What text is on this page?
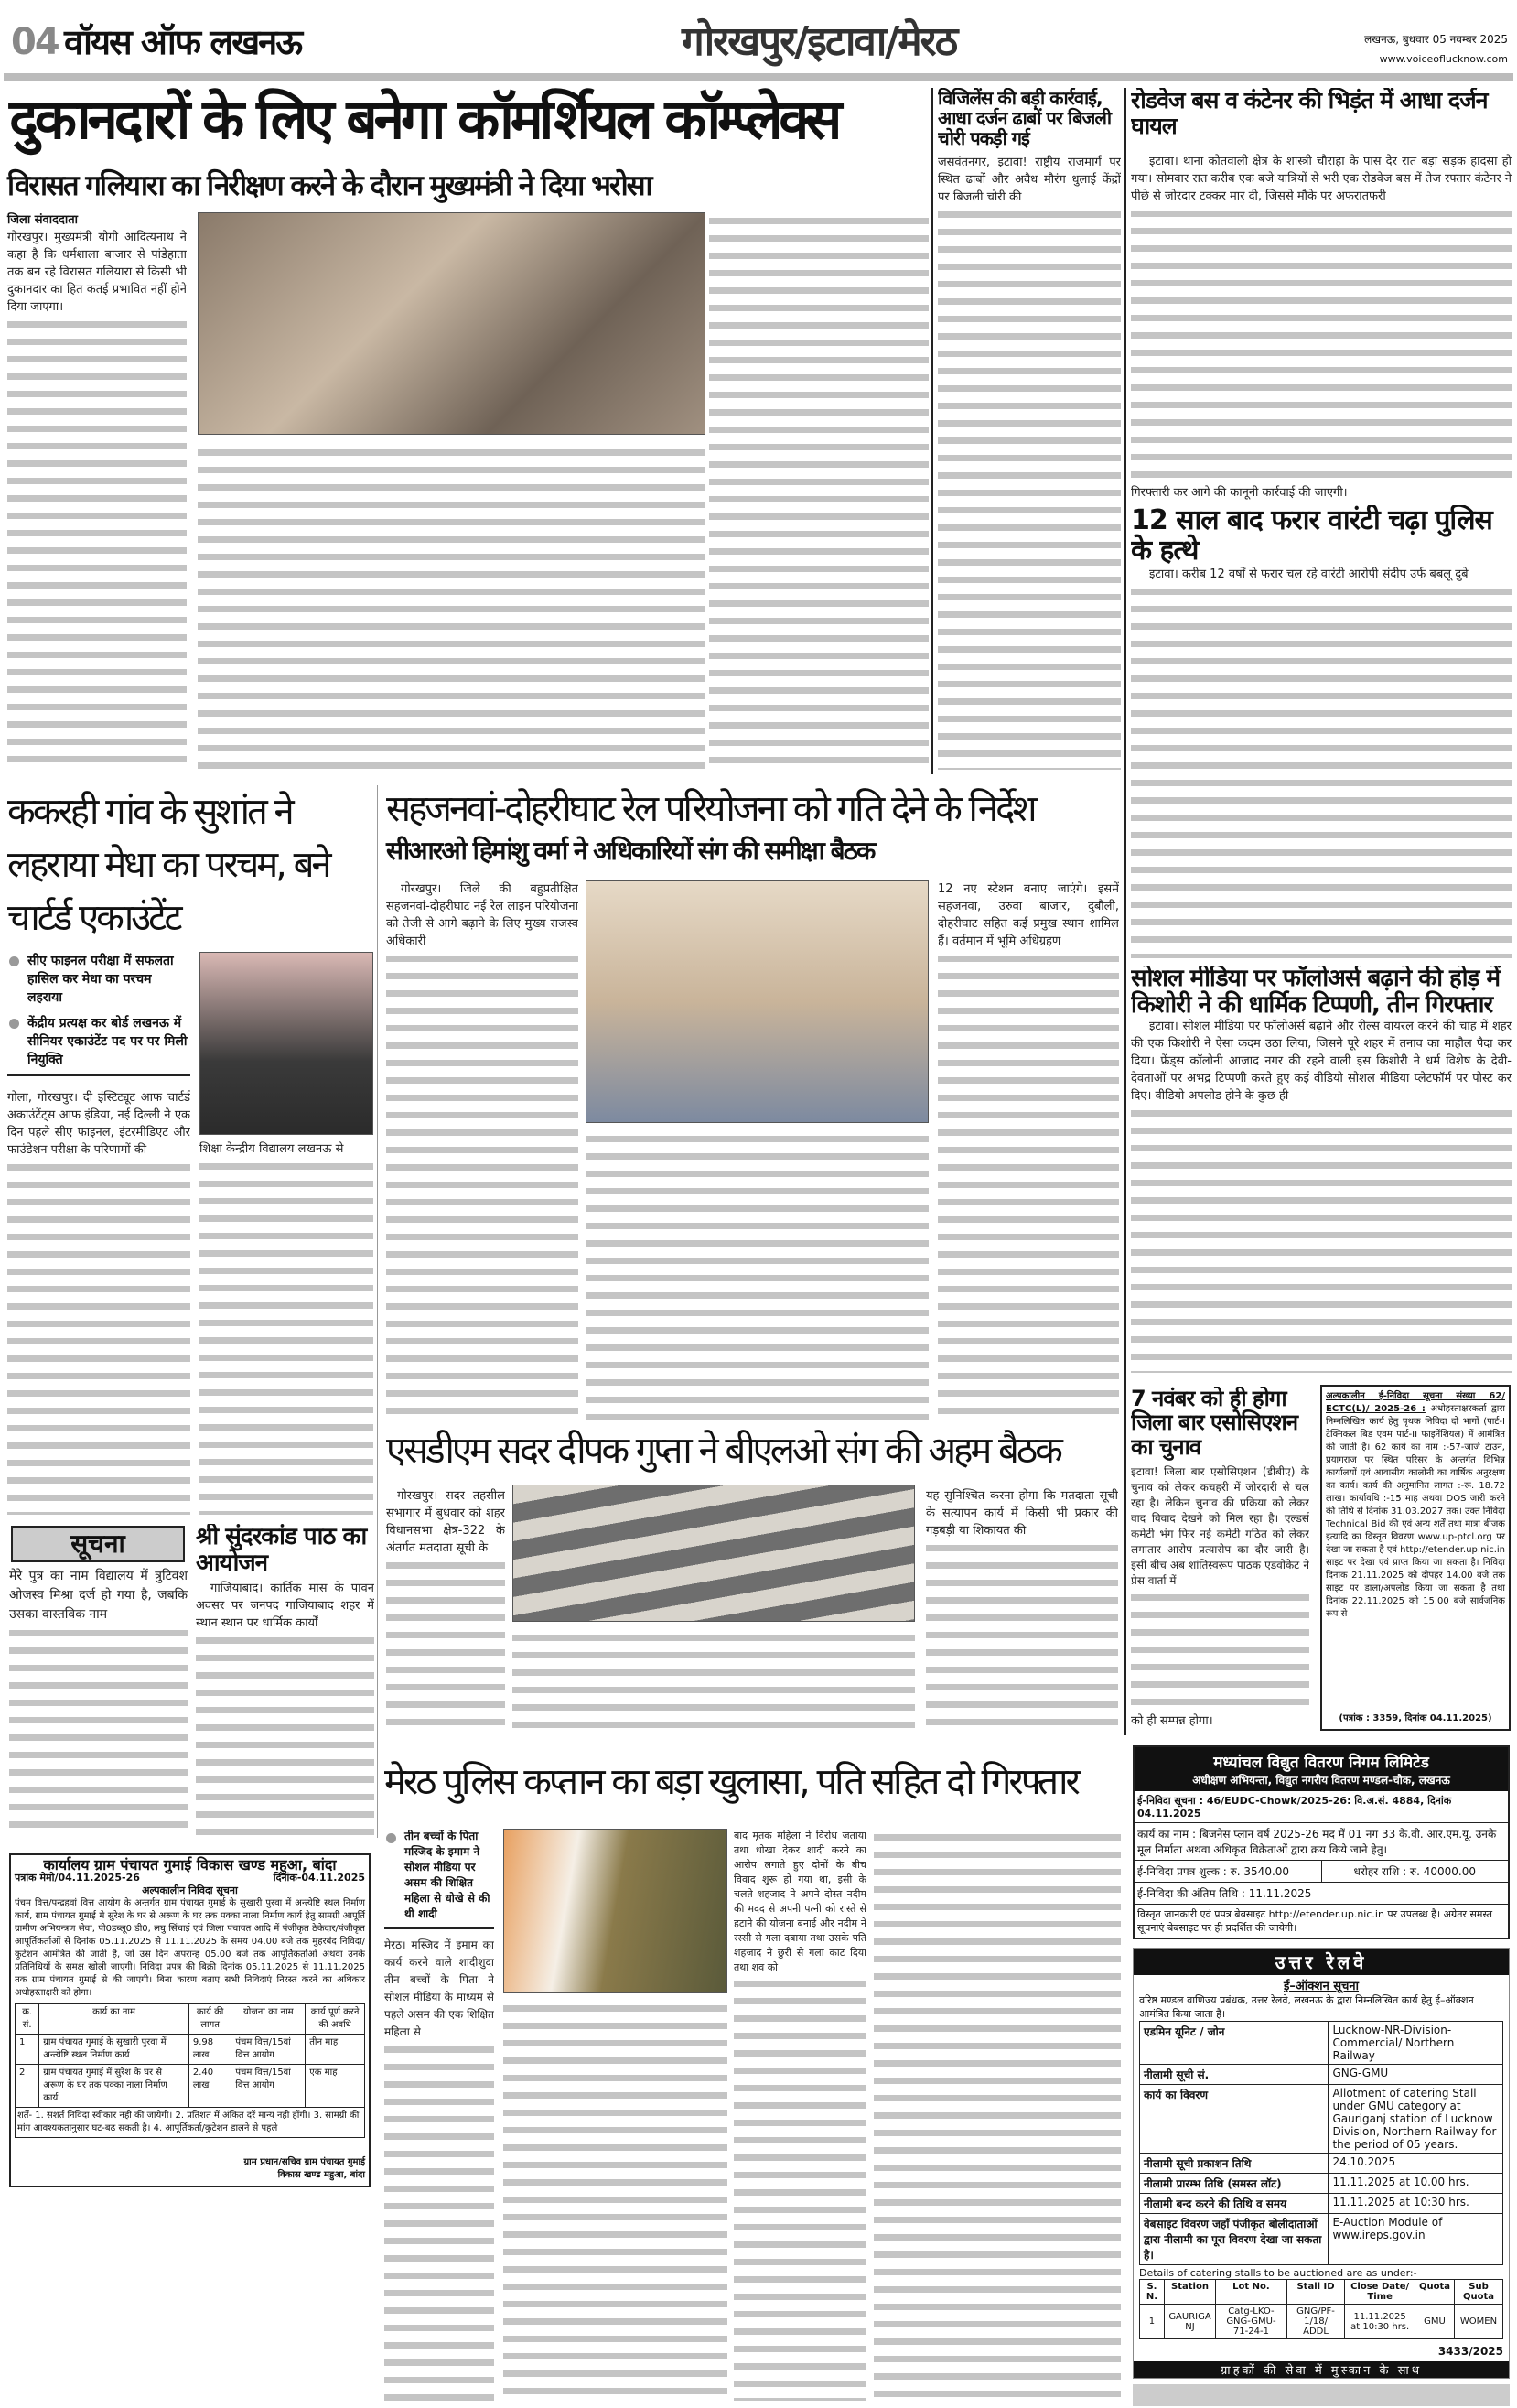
04 वॉयस ऑफ लखनऊ	गोरखपुर/इटावा/मेरठ	लखनऊ, बुधवार 05 नवम्बर 2025
www.voiceoflucknow.com
दुकानदारों के लिए बनेगा कॉमर्शियल कॉम्प्लेक्स
विरासत गलियारा का निरीक्षण करने के दौरान मुख्यमंत्री ने दिया भरोसा
जिला संवाददाता

गोरखपुर। मुख्यमंत्री योगी आदित्यनाथ ने कहा है कि धर्मशाला बाजार से पांडेहाता तक बन रहे विरासत गलियारा से किसी भी दुकानदार का हित कतई प्रभावित नहीं होने दिया जाएगा।

विजिलेंस की बड़ी कार्रवाई, आधा दर्जन ढाबों पर बिजली चोरी पकड़ी गई

जसवंतनगर, इटावा! राष्ट्रीय राजमार्ग पर स्थित ढाबों और अवैध मौरंग धुलाई केंद्रों पर बिजली चोरी की

रोडवेज बस व कंटेनर की भिड़ंत में आधा दर्जन घायल

इटावा। थाना कोतवाली क्षेत्र के शास्त्री चौराहा के पास देर रात बड़ा सड़क हादसा हो गया। सोमवार रात करीब एक बजे यात्रियों से भरी एक रोडवेज बस में तेज रफ्तार कंटेनर ने पीछे से जोरदार टक्कर मार दी, जिससे मौके पर अफरातफरी

गिरफ्तारी कर आगे की कानूनी कार्रवाई की जाएगी।

12 साल बाद फरार वारंटी चढ़ा पुलिस के हत्थे

इटावा। करीब 12 वर्षों से फरार चल रहे वारंटी आरोपी संदीप उर्फ बबलू दुबे

सोशल मीडिया पर फॉलोअर्स बढ़ाने की होड़ में
किशोरी ने की धार्मिक टिप्पणी, तीन गिरफ्तार

इटावा। सोशल मीडिया पर फॉलोअर्स बढ़ाने और रील्स वायरल करने की चाह में शहर की एक किशोरी ने ऐसा कदम उठा लिया, जिसने पूरे शहर में तनाव का माहौल पैदा कर दिया। फ्रेंड्स कॉलोनी आजाद नगर की रहने वाली इस किशोरी ने धर्म विशेष के देवी-देवताओं पर अभद्र टिप्पणी करते हुए कई वीडियो सोशल मीडिया प्लेटफॉर्म पर पोस्ट कर दिए। वीडियो अपलोड होने के कुछ ही

7 नवंबर को ही होगा जिला बार एसोसिएशन का चुनाव

इटावा! जिला बार एसोसिएशन (डीबीए) के चुनाव को लेकर कचहरी में जोरदारी से चल रहा है। लेकिन चुनाव की प्रक्रिया को लेकर वाद विवाद देखने को मिल रहा है। एल्डर्स कमेटी भंग फिर नई कमेटी गठित को लेकर लगातार आरोप प्रत्यारोप का दौर जारी है। इसी बीच अब शांतिस्वरूप पाठक एडवोकेट ने प्रेस वार्ता में

को ही सम्पन्न होगा।

अल्पकालीन ई-निविदा सूचना संख्या 62/ ECTC(L)/ 2025-26 : अधोहस्ताक्षरकर्ता द्वारा निम्नलिखित कार्य हेतु पृथक निविदा दो भागों (पार्ट-I टेक्निकल बिड एवम पार्ट-II फाइनेंशियल) में आमंत्रित की जाती है। 62 कार्य का नाम :-57-जार्ज टाउन, प्रयागराज पर स्थित परिसर के अन्तर्गत विभिन्न कार्यालयों एवं आवासीय कालोनी का वार्षिक अनुरक्षण का कार्य। कार्य की अनुमानित लागत :-रू. 18.72 लाख। कार्यावधि :-15 माह अथवा DOS जारी करने की तिथि से दिनांक 31.03.2027 तक। उक्त निविदा Technical Bid की एवं अन्य शर्तें तथा मात्रा बीजक इत्यादि का विस्तृत विवरण www.up-ptcl.org पर देखा जा सकता है एवं http://etender.up.nic.in साइट पर देखा एवं प्राप्त किया जा सकता है। निविदा दिनांक 21.11.2025 को दोपहर 14.00 बजे तक साइट पर डाला/अपलोड किया जा सकता है तथा दिनांक 22.11.2025 को 15.00 बजे सार्वजनिक रूप से
(पत्रांक : 3359, दिनांक 04.11.2025)
मध्यांचल विद्युत वितरण निगम लिमिटेड
अधीक्षण अभियन्ता, विद्युत नगरीय वितरण मण्डल-चौक, लखनऊ
ई-निविदा सूचना : 46/EUDC-Chowk/2025-26: वि.अ.सं. 4884, दिनांक 04.11.2025
कार्य का नाम : बिजनेस प्लान वर्ष 2025-26 मद में 01 नग 33 के.वी. आर.एम.यू. उनके मूल निर्माता अथवा अधिकृत विक्रेताओं द्वारा क्रय किये जाने हेतु।
ई-निविदा प्रपत्र शुल्क : रु. 3540.00	धरोहर राशि : रु. 40000.00
ई-निविदा की अंतिम तिथि : 11.11.2025
विस्तृत जानकारी एवं प्रपत्र बेबसाइट http://etender.up.nic.in पर उपलब्ध है। अग्रेतर समस्त सूचनाएं बेबसाइट पर ही प्रदर्शित की जायेगी।
उत्तर रेलवे
ई–ऑक्शन सूचना
वरिष्ठ मण्डल वाणिज्य प्रबंधक, उत्तर रेलवे, लखनऊ के द्वारा निम्नलिखित कार्य हेतु ई–ऑक्शन आमंत्रित किया जाता है।
एडमिन यूनिट / जोन	Lucknow-NR-Division-Commercial/ Northern Railway
नीलामी सूची सं.	GNG-GMU
कार्य का विवरण	Allotment of catering Stall under GMU category at Gauriganj station of Lucknow Division, Northern Railway for the period of 05 years.
नीलामी सूची प्रकाशन तिथि	24.10.2025
नीलामी प्रारम्भ तिथि (समस्त लॉट)	11.11.2025 at 10.00 hrs.
नीलामी बन्द करने की तिथि व समय	11.11.2025 at 10:30 hrs.
वेबसाइट विवरण जहाँ पंजीकृत बोलीदाताओं द्वारा नीलामी का पूरा विवरण देखा जा सकता है।	E-Auction Module of www.ireps.gov.in
Details of catering stalls to be auctioned are as under:-
S. N.	Station	Lot No.	Stall ID	Close Date/ Time	Quota	Sub Quota
1	GAURIGANJ	Catg-LKO-GNG-GMU-71-24-1	GNG/PF-1/18/ ADDL	11.11.2025 at 10:30 hrs.	GMU	WOMEN
3433/2025
ग्राहकों की सेवा में मुस्कान के साथ
ककरही गांव के सुशांत ने लहराया मेधा का परचम, बने चार्टर्ड एकाउंटेंट
सीए फाइनल परीक्षा में सफलता हासिल कर मेधा का परचम लहराया
केंद्रीय प्रत्यक्ष कर बोर्ड लखनऊ में सीनियर एकाउंटेंट पद पर पर मिली नियुक्ति

गोला, गोरखपुर। दी इंस्टिट्यूट आफ चार्टर्ड अकाउंटेंट्स आफ इंडिया, नई दिल्ली ने एक दिन पहले सीए फाइनल, इंटरमीडिएट और फाउंडेशन परीक्षा के परिणामों की	शिक्षा केन्द्रीय विद्यालय लखनऊ से

सूचना

मेरे पुत्र का नाम विद्यालय में त्रुटिवश ओजस्व मिश्रा दर्ज हो गया है, जबकि उसका वास्तविक नाम

श्री सुंदरकांड पाठ का आयोजन

गाजियाबाद। कार्तिक मास के पावन अवसर पर जनपद गाजियाबाद शहर में स्थान स्थान पर धार्मिक कार्यों

सहजनवां-दोहरीघाट रेल परियोजना को गति देने के निर्देश
सीआरओ हिमांशु वर्मा ने अधिकारियों संग की समीक्षा बैठक

गोरखपुर। जिले की बहुप्रतीक्षित सहजनवां-दोहरीघाट नई रेल लाइन परियोजना को तेजी से आगे बढ़ाने के लिए मुख्य राजस्व अधिकारी

12 नए स्टेशन बनाए जाएंगे। इसमें सहजनवा, उरुवा बाजार, दुबौली, दोहरीघाट सहित कई प्रमुख स्थान शामिल हैं। वर्तमान में भूमि अधिग्रहण

एसडीएम सदर दीपक गुप्ता ने बीएलओ संग की अहम बैठक

गोरखपुर। सदर तहसील सभागार में बुधवार को शहर विधानसभा क्षेत्र-322 के अंतर्गत मतदाता सूची के

यह सुनिश्चित करना होगा कि मतदाता सूची के सत्यापन कार्य में किसी भी प्रकार की गड़बड़ी या शिकायत की

मेरठ पुलिस कप्तान का बड़ा खुलासा, पति सहित दो गिरफ्तार
तीन बच्चों के पिता मस्जिद के इमाम ने सोशल मीडिया पर असम की शिक्षित महिला से धोखे से की थी शादी

मेरठ। मस्जिद में इमाम का कार्य करने वाले शादीशुदा तीन बच्चों के पिता ने सोशल मीडिया के माध्यम से पहले असम की एक शिक्षित महिला से

बाद मृतक महिला ने विरोध जताया तथा धोखा देकर शादी करने का आरोप लगाते हुए दोनों के बीच विवाद शुरू हो गया था, इसी के चलते शहजाद ने अपने दोस्त नदीम की मदद से अपनी पत्नी को रास्ते से हटाने की योजना बनाई और नदीम ने रस्सी से गला दबाया तथा उसके पति शहजाद ने छुरी से गला काट दिया तथा शव को

कार्यालय ग्राम पंचायत गुमाई विकास खण्ड महुआ, बांदा
पत्रांक मेमो/04.11.2025-26	दिनांक-04.11.2025
अल्पकालीन निविदा सूचना

पंचम वित्त/पन्द्रहवां वित्त आयोग के अन्तर्गत ग्राम पंचायत गुमाई के सुखारी पुरवा में अन्त्येष्टि स्थल निर्माण कार्य, ग्राम पंचायत गुमाई मे सुरेश के घर से अरूण के घर तक पक्का नाला निर्माण कार्य हेतु सामग्री आपूर्ति ग्रामीण अभियन्त्रण सेवा, पी0डब्लू0 डी0, लघु सिंचाई एवं जिला पंचायत आदि में पंजीकृत ठेकेदार/पंजीकृत आपूर्तिकर्ताओं से दिनांक 05.11.2025 से 11.11.2025 के समय 04.00 बजे तक मुहरबंद निविदा/कुटेशन आमंत्रित की जाती है, जो उस दिन अपरान्ह 05.00 बजे तक आपूर्तिकर्ताओं अथवा उनके प्रतिनिधियों के समक्ष खोली जाएगी। निविदा प्रपत्र की बिक्री दिनांक 05.11.2025 से 11.11.2025 तक ग्राम पंचायत गुमाई से की जाएगी। बिना कारण बताए सभी निविदाएं निरस्त करने का अधिकार अधोहस्ताक्षरी को होगा।

क्र. सं.	कार्य का नाम	कार्य की लागत	योजना का नाम	कार्य पूर्ण करने की अवधि
1	ग्राम पंचायत गुमाई के सुखारी पुरवा में अन्त्येष्टि स्थल निर्माण कार्य	9.98 लाख	पंचम वित्त/15वां वित्त आयोग	तीन माह
2	ग्राम पंचायत गुमाई में सुरेश के घर से अरूण के घर तक पक्का नाला निर्माण कार्य	2.40 लाख	पंचम वित्त/15वां वित्त आयोग	एक माह

शर्तें- 1. सशर्त निविदा स्वीकार नही की जायेगी। 2. प्रतिशत में अंकित दरें मान्य नही होंगी। 3. सामग्री की मांग आवश्यकतानुसार घट-बढ़ सकती है। 4. आपूर्तिकर्ता/कुटेशन डालने से पहले

ग्राम प्रधान/सचिव ग्राम पंचायत गुमाई विकास खण्ड महुआ, बांदा
